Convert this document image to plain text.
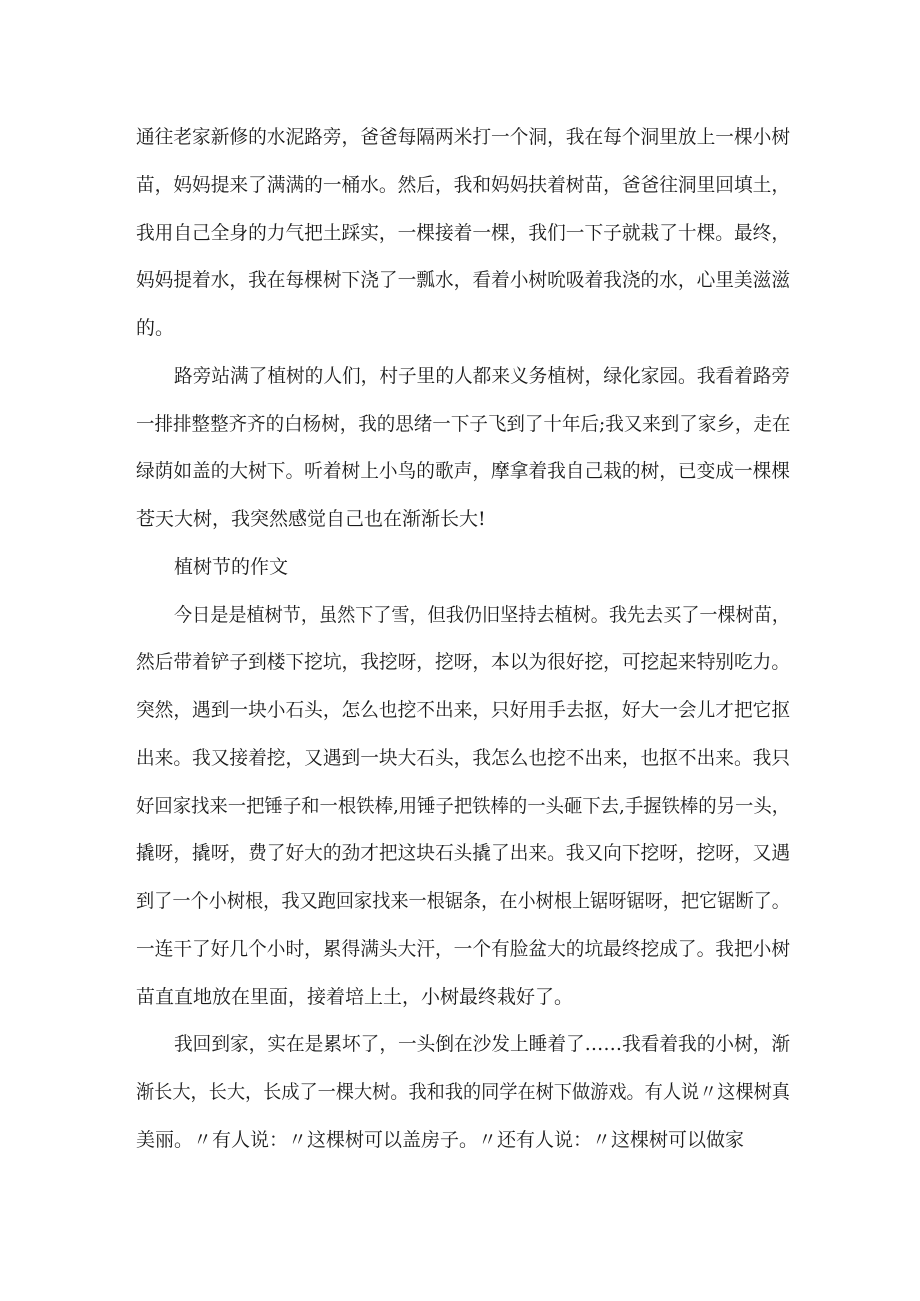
通往老家新修的水泥路旁，爸爸每隔两米打一个洞，我在每个洞里放上一棵小树
苗，妈妈提来了满满的一桶水。然后，我和妈妈扶着树苗，爸爸往洞里回填土，
我用自己全身的力气把土踩实，一棵接着一棵，我们一下子就栽了十棵。最终，
妈妈提着水，我在每棵树下浇了一瓢水，看着小树吮吸着我浇的水，心里美滋滋
的。
路旁站满了植树的人们，村子里的人都来义务植树，绿化家园。我看着路旁
一排排整整齐齐的白杨树，我的思绪一下子飞到了十年后;我又来到了家乡，走在
绿荫如盖的大树下。听着树上小鸟的歌声，摩拿着我自己栽的树，已变成一棵棵
苍天大树，我突然感觉自己也在渐渐长大!
植树节的作文
今日是是植树节，虽然下了雪，但我仍旧坚持去植树。我先去买了一棵树苗，
然后带着铲子到楼下挖坑，我挖呀，挖呀，本以为很好挖，可挖起来特别吃力。
突然，遇到一块小石头，怎么也挖不出来，只好用手去抠，好大一会儿才把它抠
出来。我又接着挖，又遇到一块大石头，我怎么也挖不出来，也抠不出来。我只
好回家找来一把锤子和一根铁棒,用锤子把铁棒的一头砸下去,手握铁棒的另一头，
撬呀，撬呀，费了好大的劲才把这块石头撬了出来。我又向下挖呀，挖呀，又遇
到了一个小树根，我又跑回家找来一根锯条，在小树根上锯呀锯呀，把它锯断了。
一连干了好几个小时，累得满头大汗，一个有脸盆大的坑最终挖成了。我把小树
苗直直地放在里面，接着培上土，小树最终栽好了。
我回到家，实在是累坏了，一头倒在沙发上睡着了……我看着我的小树，渐
渐长大，长大，长成了一棵大树。我和我的同学在树下做游戏。有人说〃这棵树真
美丽。〃有人说：〃这棵树可以盖房子。〃还有人说：〃这棵树可以做家
